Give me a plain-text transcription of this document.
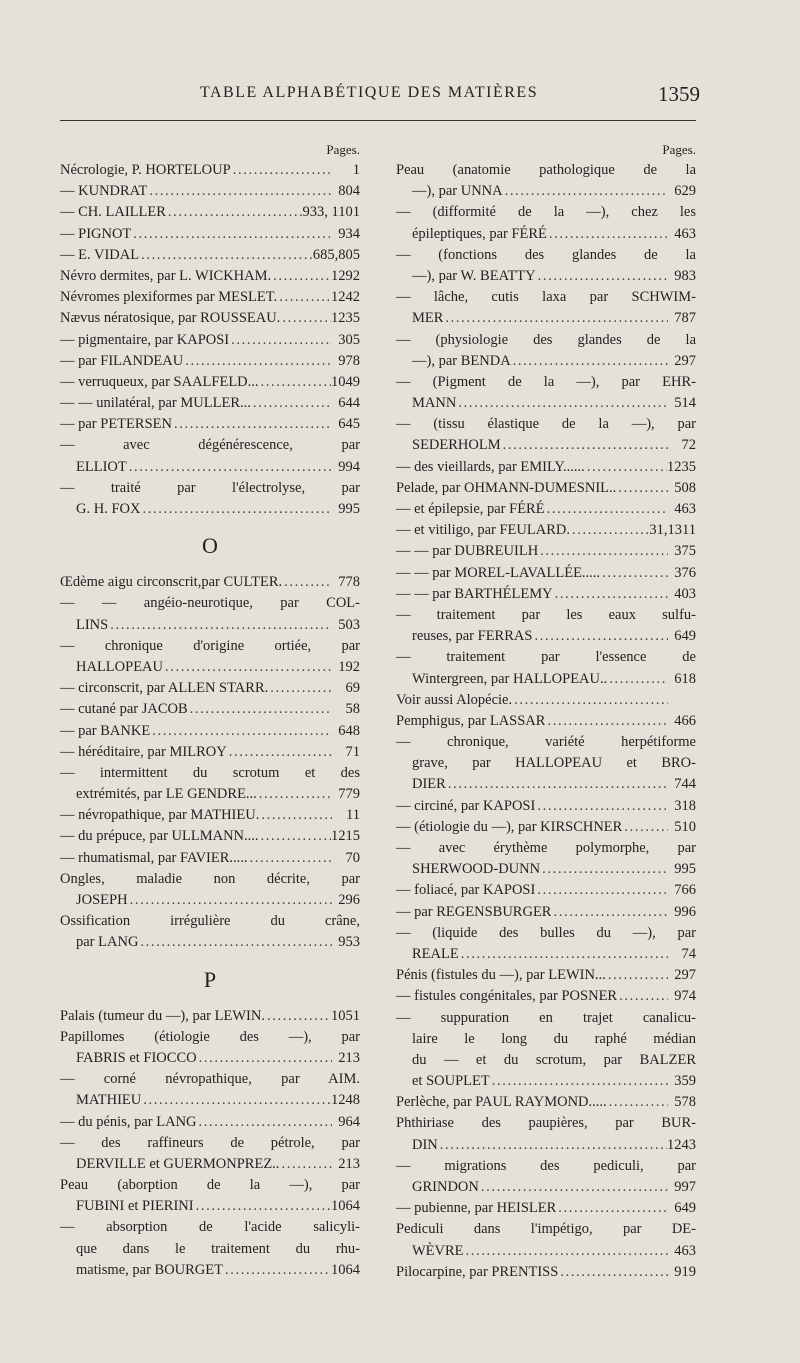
TABLE ALPHABÉTIQUE DES MATIÈRES	1359
Pages.
Nécrologie, P. HORTELOUP . . .	1
— KUNDRAT . . .	804
— CH. LAILLER . . .	933, 1101
— PIGNOT . . .	934
— E. VIDAL . . .	685,805
Névro dermites, par L. WICKHAM. . . .	1292
Névromes plexiformes par MESLET. . . .	1242
Nævus nératosique, par ROUSSEAU. . . .	1235
— pigmentaire, par KAPOSI . . .	305
— par FILANDEAU . . .	978
— verruqueux, par SAALFELD... . . .	1049
— — unilatéral, par MULLER... . . .	644
— par PETERSEN . . .	645
— avec dégénérescence, par
ELLIOT . . .	994
— traité par l'électrolyse, par
G. H. FOX . . .	995
O
Œdème aigu circonscrit,par CULTER. . . .	778
— — angéio-neurotique, par COL-
LINS . . .	503
— chronique d'origine ortiée, par
HALLOPEAU . . .	192
— circonscrit, par ALLEN STARR. . . .	69
— cutané par JACOB . . .	58
— par BANKE . . .	648
— héréditaire, par MILROY . . .	71
— intermittent du scrotum et des
extrémités, par LE GENDRE... . . .	779
— névropathique, par MATHIEU. . . .	11
— du prépuce, par ULLMANN.... . . .	1215
— rhumatismal, par FAVIER..... . . .	70
Ongles, maladie non décrite, par
JOSEPH . . .	296
Ossification irrégulière du crâne,
par LANG . . .	953
P
Palais (tumeur du —), par LEWIN. . . .	1051
Papillomes (étiologie des —), par
FABRIS et FIOCCO . . .	213
— corné névropathique, par AIM.
MATHIEU . . .	1248
— du pénis, par LANG . . .	964
— des raffineurs de pétrole, par
DERVILLE et GUERMONPREZ.. . . .	213
Peau (aborption de la —), par
FUBINI et PIERINI . . .	1064
— absorption de l'acide salicyli-
que dans le traitement du rhu-
matisme, par BOURGET . . .	1064
Pages.
Peau (anatomie pathologique de la
—), par UNNA . . .	629
— (difformité de la —), chez les
épileptiques, par FÉRÉ . . .	463
— (fonctions des glandes de la
—), par W. BEATTY . . .	983
— lâche, cutis laxa par SCHWIM-
MER . . .	787
— (physiologie des glandes de la
—), par BENDA . . .	297
— (Pigment de la —), par EHR-
MANN . . .	514
— (tissu élastique de la —), par
SEDERHOLM . . .	72
— des vieillards, par EMILY...... . . .	1235
Pelade, par OHMANN-DUMESNIL.. . . .	508
— et épilepsie, par FÉRÉ . . .	463
— et vitiligo, par FEULARD. . . .	31,1311
— — par DUBREUILH . . .	375
— — par MOREL-LAVALLÉE..... . . .	376
— — par BARTHÉLEMY . . .	403
— traitement par les eaux sulfu-
reuses, par FERRAS . . .	649
— traitement par l'essence de
Wintergreen, par HALLOPEAU.. . . .	618
Voir aussi Alopécie.
. . .
Pemphigus, par LASSAR . . .	466
— chronique, variété herpétiforme
grave, par HALLOPEAU et BRO-
DIER . . .	744
— circiné, par KAPOSI . . .	318
— (étiologie du —), par KIRSCHNER . . .	510
— avec érythème polymorphe, par
SHERWOOD-DUNN . . .	995
— foliacé, par KAPOSI . . .	766
— par REGENSBURGER . . .	996
— (liquide des bulles du —), par
REALE . . .	74
Pénis (fistules du —), par LEWIN... . . .	297
— fistules congénitales, par POSNER . . .	974
— suppuration en trajet canalicu-
laire le long du raphé médian
du — et du scrotum, par BALZER
et SOUPLET . . .	359
Perlèche, par PAUL RAYMOND..... . . .	578
Phthiriase des paupières, par BUR-
DIN . . .	1243
— migrations des pediculi, par
GRINDON . . .	997
— pubienne, par HEISLER . . .	649
Pediculi dans l'impétigo, par DE-
WÈVRE . . .	463
Pilocarpine, par PRENTISS . . .	919
